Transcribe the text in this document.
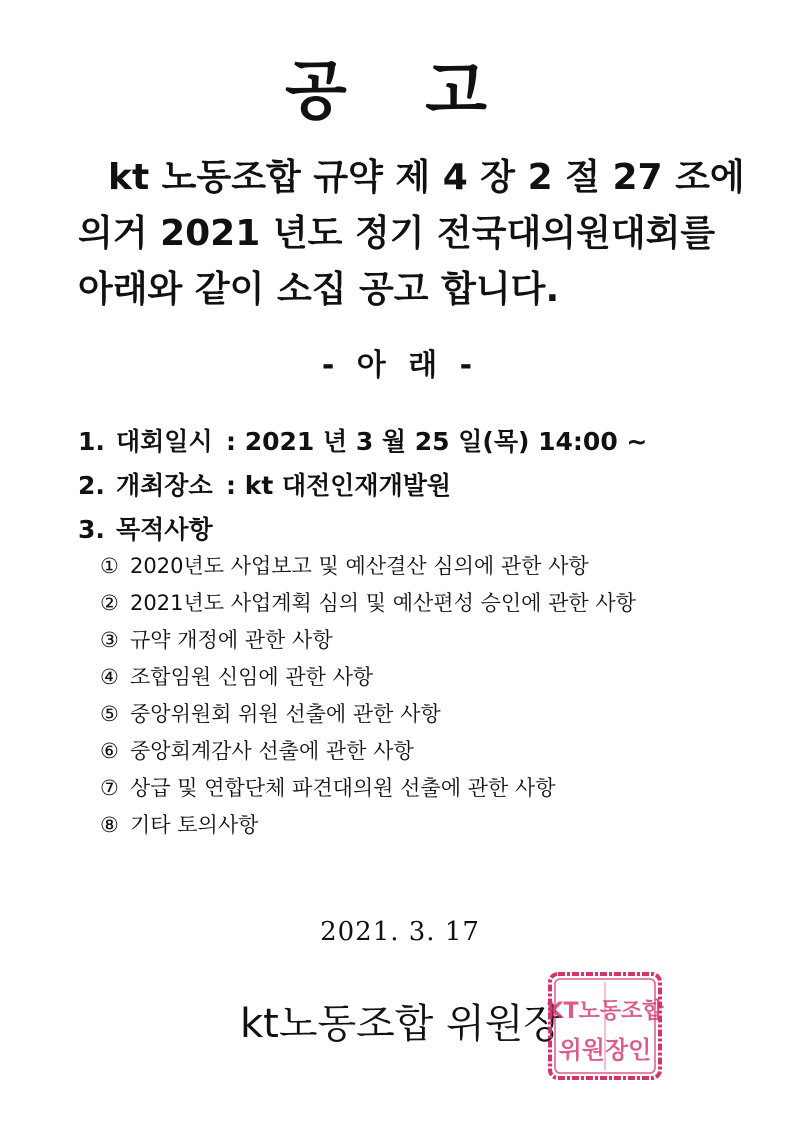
공 고
kt 노동조합 규약 제 4 장 2 절 27 조에
의거 2021 년도 정기 전국대의원대회를
아래와 같이 소집 공고 합니다.
- 아 래 -
1. 대회일시 : 2021 년 3 월 25 일(목) 14:00 ~
2. 개최장소 : kt 대전인재개발원
3. 목적사항
① 2020년도 사업보고 및 예산결산 심의에 관한 사항
② 2021년도 사업계획 심의 및 예산편성 승인에 관한 사항
③ 규약 개정에 관한 사항
④ 조합임원 신임에 관한 사항
⑤ 중앙위원회 위원 선출에 관한 사항
⑥ 중앙회계감사 선출에 관한 사항
⑦ 상급 및 연합단체 파견대의원 선출에 관한 사항
⑧ 기타 토의사항
2021. 3. 17
kt노동조합 위원장
KT노동조합
위원장인
